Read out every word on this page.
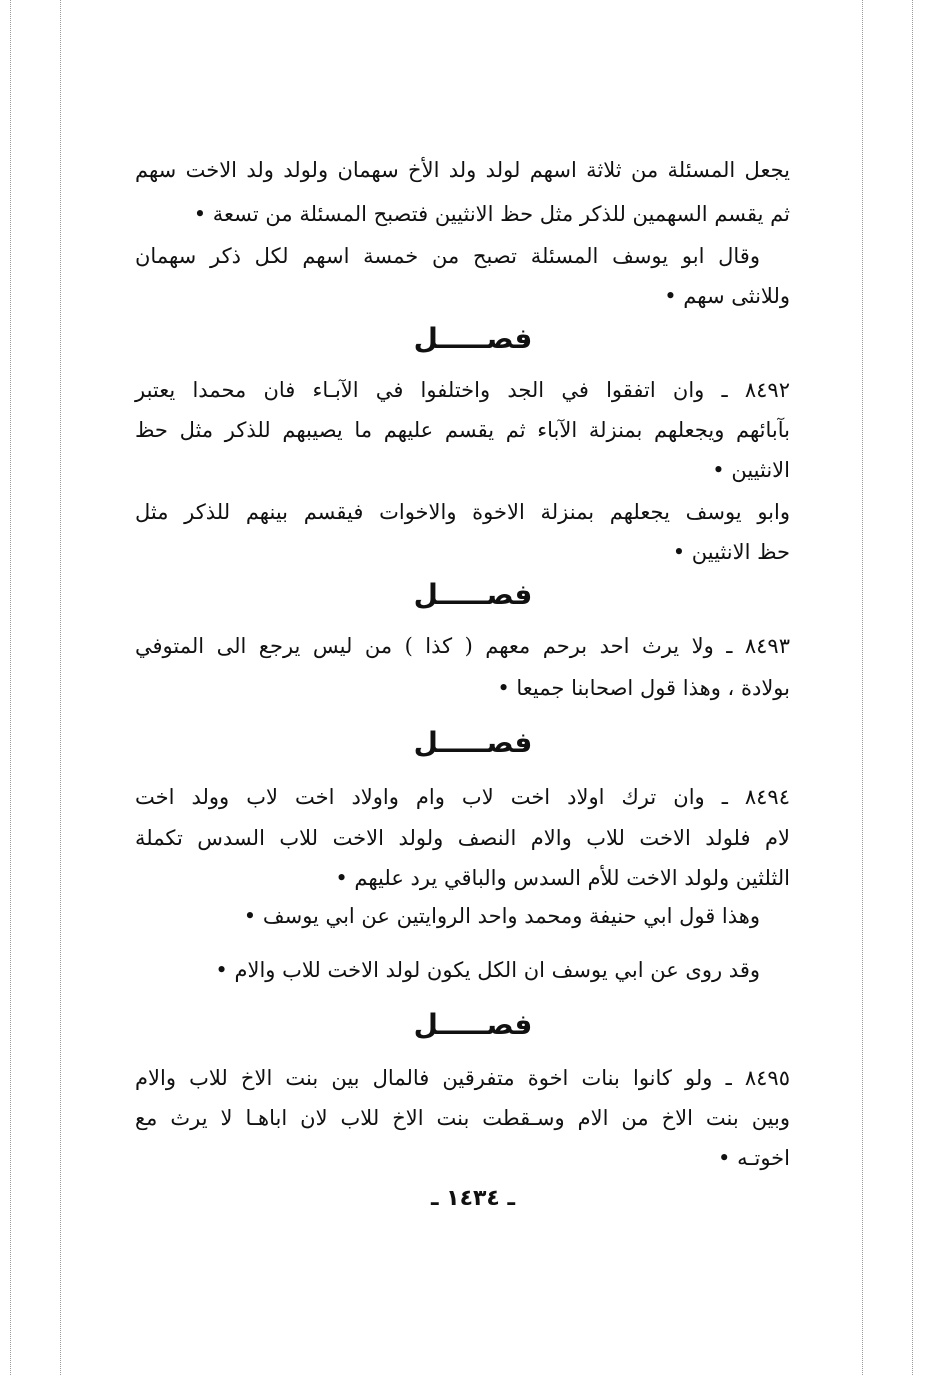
يجعل المسئلة من ثلاثة اسهم لولد ولد الأخ سهمان ولولد ولد الاخت سهم
ثم يقسم السهمين للذكر مثل حظ الانثيين فتصبح المسئلة من تسعة •
وقال ابو يوسف المسئلة تصبح من خمسة اسهم لكل ذكر سهمان
وللانثى سهم •
فصـــــل
٨٤٩٢ ـ وان اتفقوا في الجد واختلفوا في الآبـاء فان محمدا يعتبر
بآبائهم ويجعلهم بمنزلة الآباء ثم يقسم عليهم ما يصيبهم للذكر مثل حظ
الانثيين •
وابو يوسف يجعلهم بمنزلة الاخوة والاخوات فيقسم بينهم للذكر مثل
حظ الانثيين •
فصـــــل
٨٤٩٣ ـ ولا يرث احد برحم معهم ( كذا ) من ليس يرجع الى المتوفي
بولادة ، وهذا قول اصحابنا جميعا •
فصـــــل
٨٤٩٤ ـ وان ترك اولاد اخت لاب وام واولاد اخت لاب وولد اخت
لام فلولد الاخت للاب والام النصف ولولد الاخت للاب السدس تكملة
الثلثين ولولد الاخت للأم السدس والباقي يرد عليهم •
وهذا قول ابي حنيفة ومحمد واحد الروايتين عن ابي يوسف •
وقد روى عن ابي يوسف ان الكل يكون لولد الاخت للاب والام •
فصـــــل
٨٤٩٥ ـ ولو كانوا بنات اخوة متفرقين فالمال بين بنت الاخ للاب والام
وبين بنت الاخ من الام وسـقطت بنت الاخ للاب لان اباهـا لا يرث مع
اخوتـه •
ـ ١٤٣٤ ـ
